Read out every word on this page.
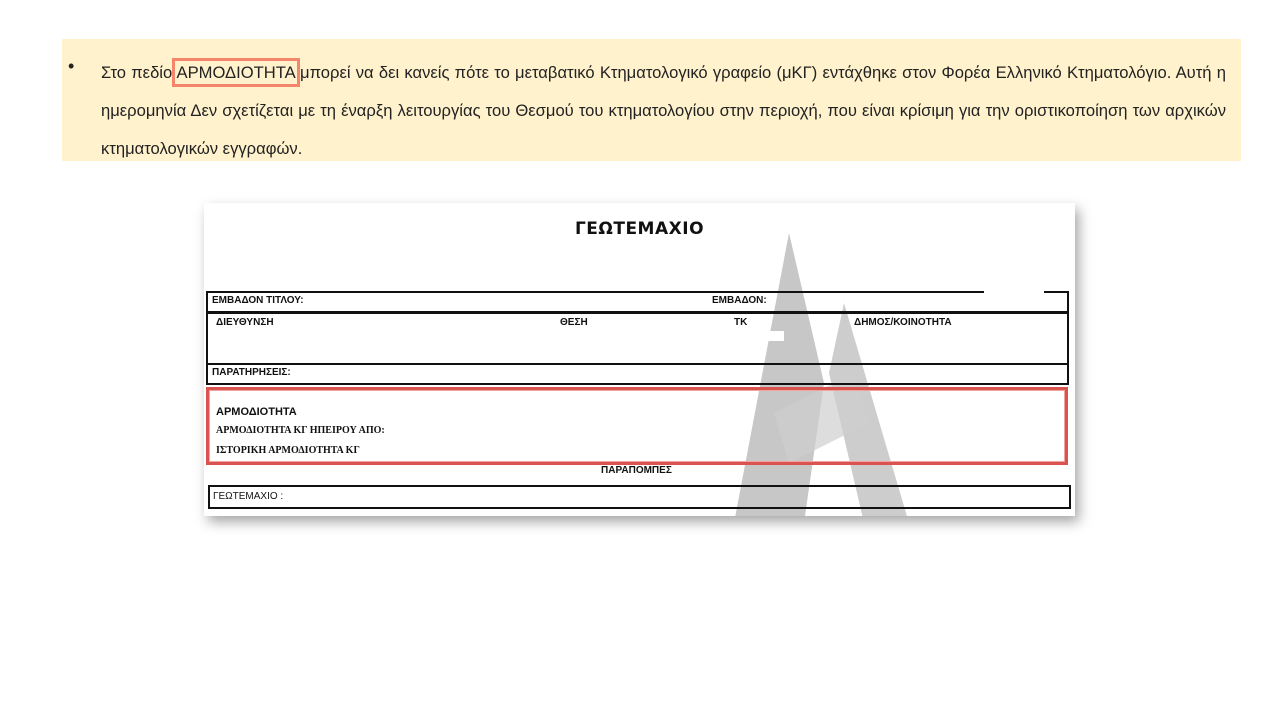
• Στο πεδίο ΑΡΜΟΔΙΟΤΗΤΑ μπορεί να δει κανείς πότε το μεταβατικό Κτηματολογικό γραφείο (μΚΓ) εντάχθηκε στον Φορέα Ελληνικό Κτηματολόγιο. Αυτή η ημερομηνία Δεν σχετίζεται με τη έναρξη λειτουργίας του Θεσμού του κτηματολογίου στην περιοχή, που είναι κρίσιμη για την οριστικοποίηση των αρχικών κτηματολογικών εγγραφών.
ΓΕΩΤΕΜΑΧΙΟ
ΕΜΒΑΔΟΝ ΤΙΤΛΟΥ:	ΕΜΒΑΔΟΝ:
ΔΙΕΥΘΥΝΣΗ	ΘΕΣΗ	ΤΚ	ΔΗΜΟΣ/ΚΟΙΝΟΤΗΤΑ
ΠΑΡΑΤΗΡΗΣΕΙΣ:
ΑΡΜΟΔΙΟΤΗΤΑ
ΑΡΜΟΔΙΟΤΗΤΑ ΚΓ ΗΠΕΙΡΟΥ ΑΠΟ:
ΙΣΤΟΡΙΚΗ ΑΡΜΟΔΙΟΤΗΤΑ ΚΓ
ΠΑΡΑΠΟΜΠΕΣ
ΓΕΩΤΕΜΑΧΙΟ :
